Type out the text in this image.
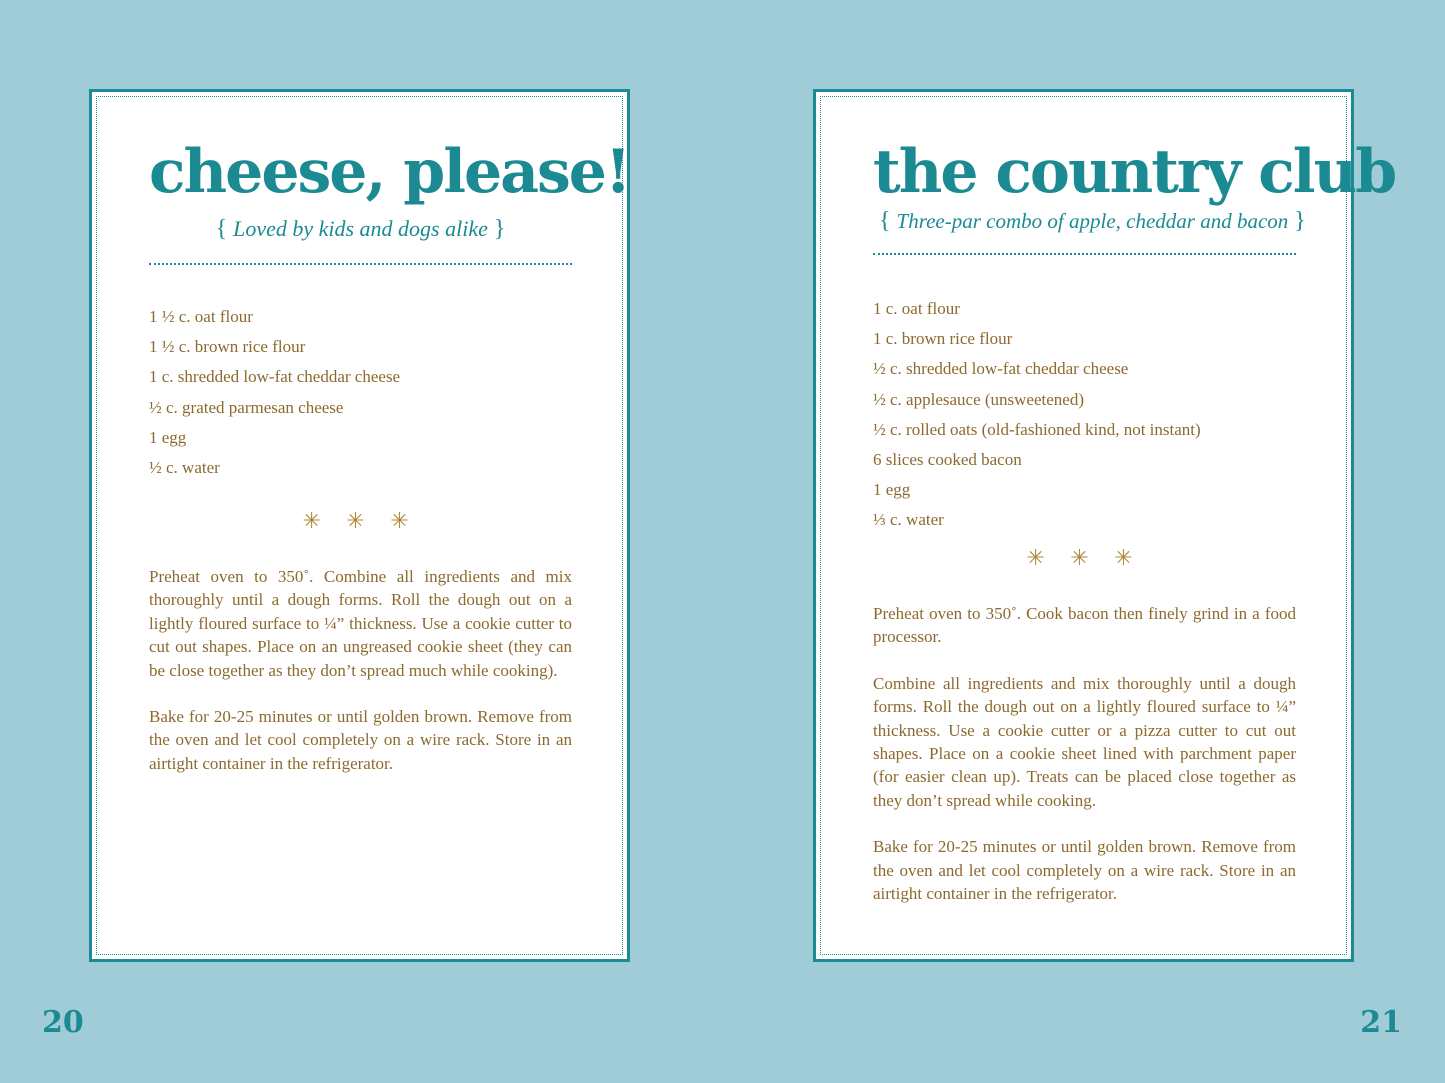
cheese, please!
{ Loved by kids and dogs alike }
1 ½ c. oat flour
1 ½ c. brown rice flour
1 c. shredded low-fat cheddar cheese
½ c. grated parmesan cheese
1 egg
½ c. water
✳ ✳ ✳

Preheat oven to 350˚. Combine all ingredients and mix thoroughly until a dough forms. Roll the dough out on a lightly floured surface to ¼” thickness. Use a cookie cutter to cut out shapes. Place on an ungreased cookie sheet (they can be close together as they don’t spread much while cooking).

Bake for 20-25 minutes or until golden brown. Remove from the oven and let cool completely on a wire rack. Store in an airtight container in the refrigerator.

the country club
{ Three-par combo of apple, cheddar and bacon }
1 c. oat flour
1 c. brown rice flour
½ c. shredded low-fat cheddar cheese
½ c. applesauce (unsweetened)
½ c. rolled oats (old-fashioned kind, not instant)
6 slices cooked bacon
1 egg
⅓ c. water
✳ ✳ ✳

Preheat oven to 350˚. Cook bacon then finely grind in a food processor.

Combine all ingredients and mix thoroughly until a dough forms. Roll the dough out on a lightly floured surface to ¼” thickness. Use a cookie cutter or a pizza cutter to cut out shapes. Place on a cookie sheet lined with parchment paper (for easier clean up). Treats can be placed close together as they don’t spread while cooking.

Bake for 20-25 minutes or until golden brown. Remove from the oven and let cool completely on a wire rack. Store in an airtight container in the refrigerator.

20	21
